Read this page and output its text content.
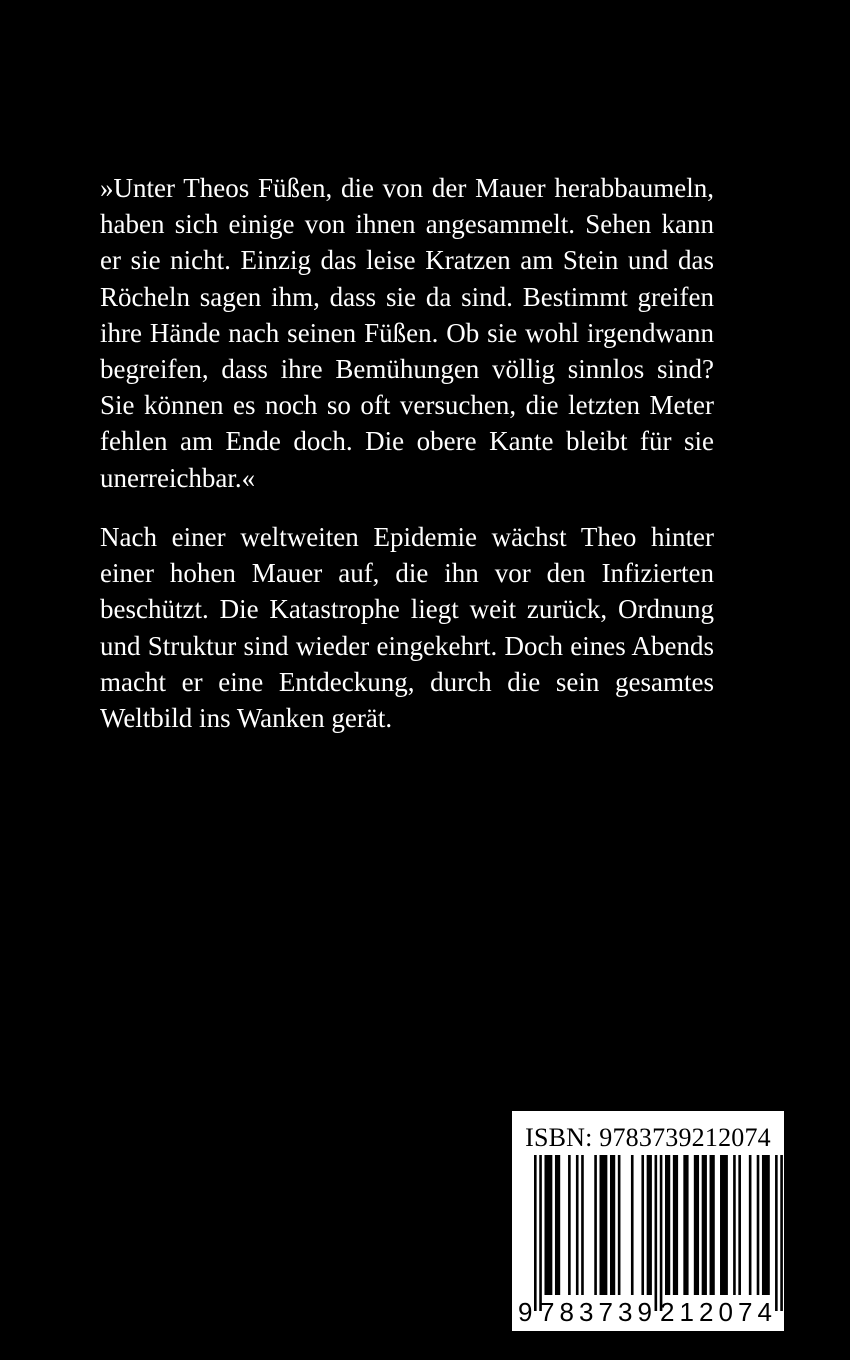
»Unter Theos Füßen, die von der Mauer herabbaumeln, haben sich einige von ihnen angesammelt. Sehen kann er sie nicht. Einzig das leise Kratzen am Stein und das Röcheln sagen ihm, dass sie da sind. Bestimmt greifen ihre Hände nach seinen Füßen. Ob sie wohl irgendwann begreifen, dass ihre Bemühungen völlig sinnlos sind? Sie können es noch so oft versuchen, die letzten Meter fehlen am Ende doch. Die obere Kante bleibt für sie unerreichbar.«

Nach einer weltweiten Epidemie wächst Theo hinter einer hohen Mauer auf, die ihn vor den Infizierten beschützt. Die Katastrophe liegt weit zurück, Ordnung und Struktur sind wieder eingekehrt. Doch eines Abends macht er eine Entdeckung, durch die sein gesamtes Weltbild ins Wanken gerät.

ISBN: 9783739212074
9 783739 212074
